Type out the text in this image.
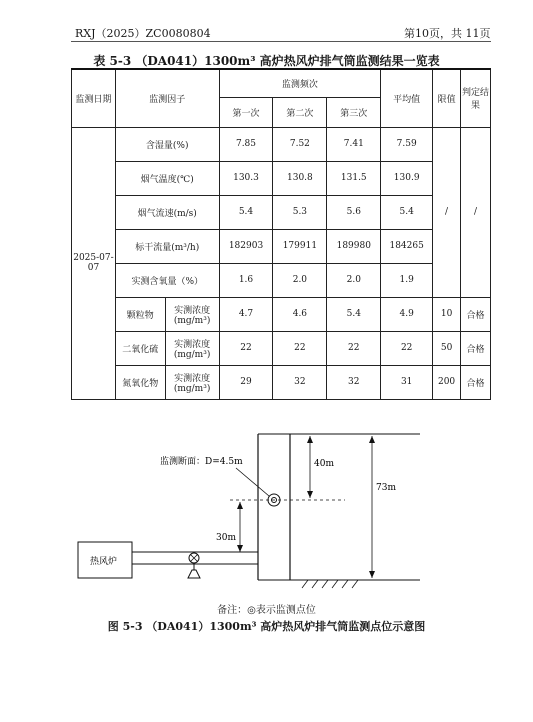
RXJ（2025）ZC0080804	第10页，共 11页
表 5-3 （DA041）1300m³ 高炉热风炉排气筒监测结果一览表
监测日期	监测因子		监测频次			平均值	限值	判定结果
			第一次	第二次	第三次			
2025-07-07	含湿量(%)		7.85	7.52	7.41	7.59	/	/
	烟气温度(℃)		130.3	130.8	131.5	130.9		
	烟气流速(m/s)		5.4	5.3	5.6	5.4		
	标干流量(m³/h)		182903	179911	189980	184265		
	实测含氧量（%）		1.6	2.0	2.0	1.9		
	颗粒物	实测浓度(mg/m³)	4.7	4.6	5.4	4.9	10	合格
	二氧化硫	实测浓度(mg/m³)	22	22	22	22	50	合格
	氮氧化物	实测浓度(mg/m³)	29	32	32	31	200	合格
监测断面：D=4.5m	40m
73m
30m
热风炉
备注：◎表示监测点位
图 5-3 （DA041）1300m³ 高炉热风炉排气筒监测点位示意图
